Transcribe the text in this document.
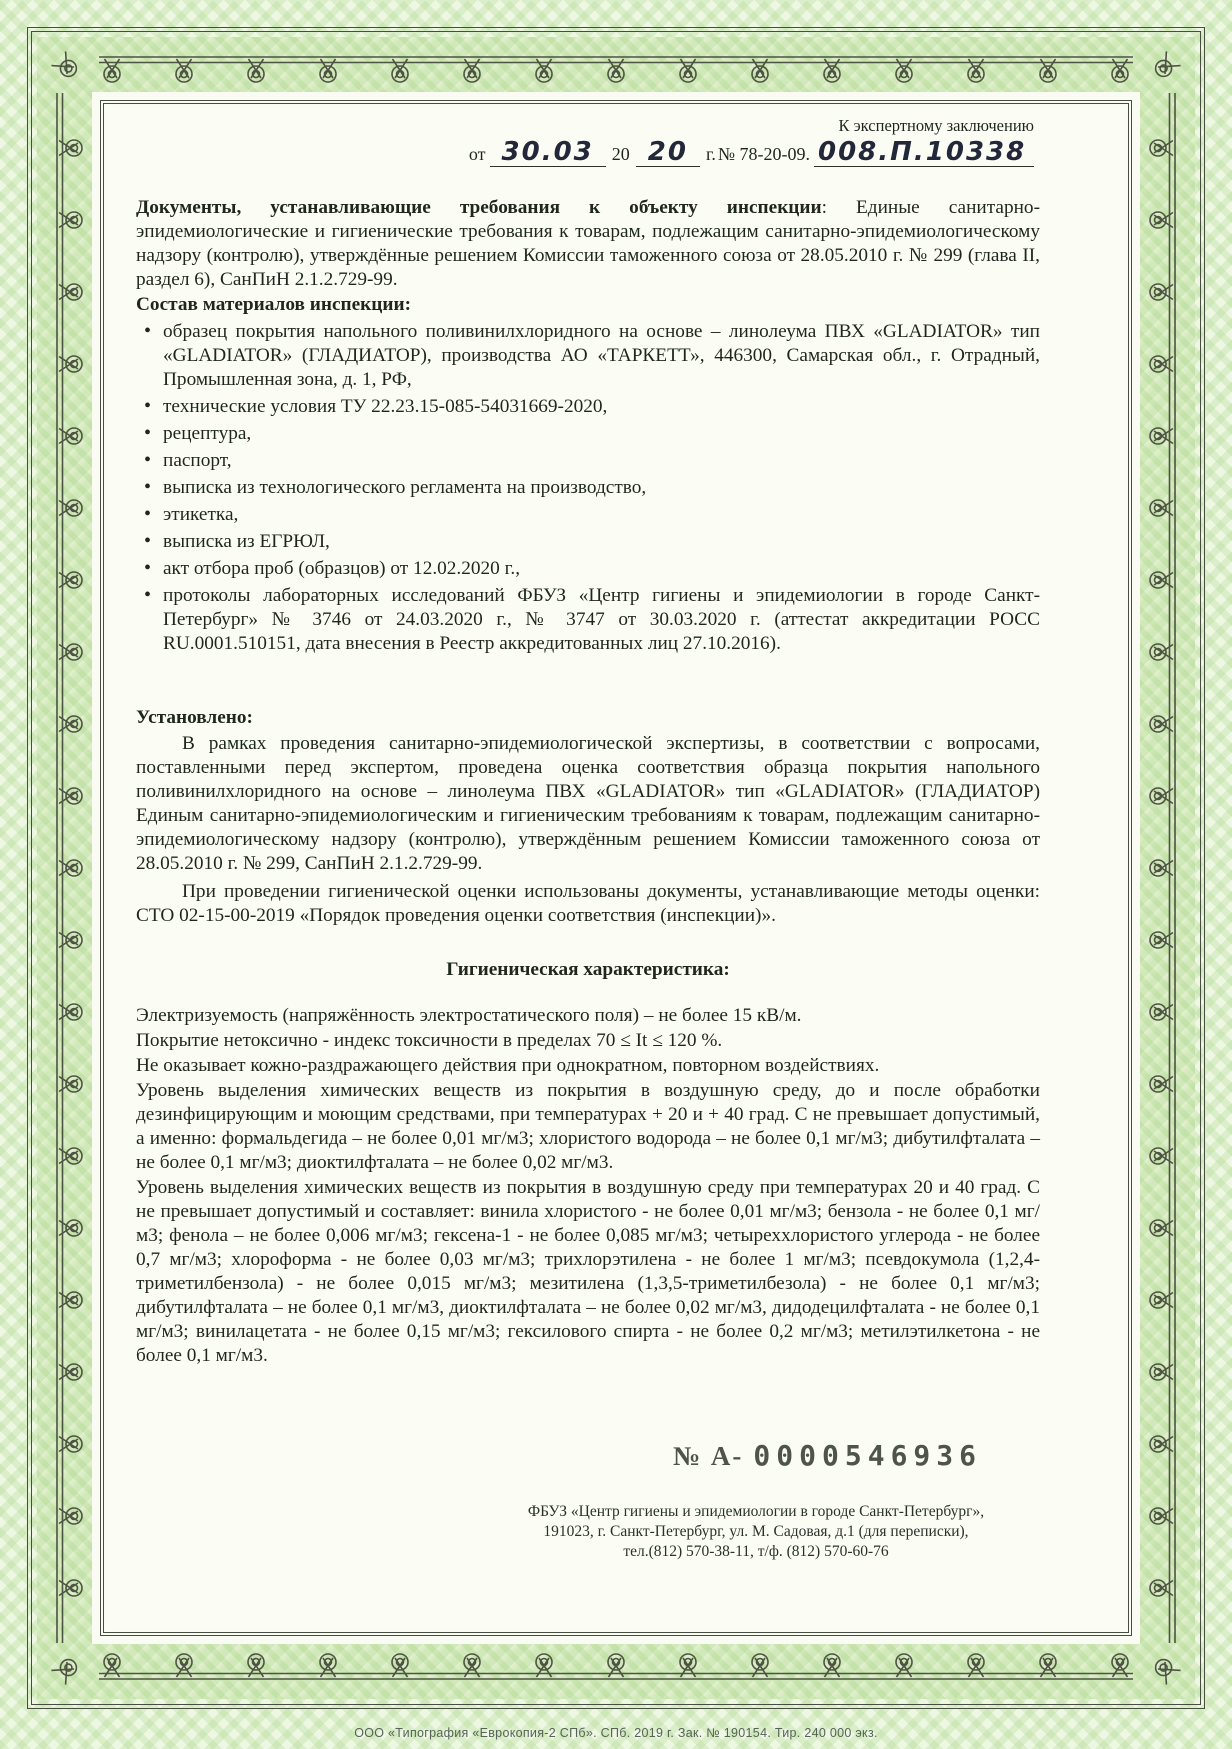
К экспертному заключению
от 30.03	20 20	г. № 78-20-09. 008.П.10338

Документы, устанавливающие требования к объекту инспекции: Единые санитарно-эпидемиологические и гигиенические требования к товарам, подлежащим санитарно-эпидемиологическому надзору (контролю), утверждённые решением Комиссии таможенного союза от 28.05.2010 г. № 299 (глава II, раздел 6), СанПиН 2.1.2.729-99.

Состав материалов инспекции:
• образец покрытия напольного поливинилхлоридного на основе – линолеума ПВХ «GLADIATOR» тип «GLADIATOR» (ГЛАДИАТОР), производства АО «ТАРКЕТТ», 446300, Самарская обл., г. Отрадный, Промышленная зона, д. 1, РФ,
• технические условия ТУ 22.23.15-085-54031669-2020,
• рецептура,
• паспорт,
• выписка из технологического регламента на производство,
• этикетка,
• выписка из ЕГРЮЛ,
• акт отбора проб (образцов) от 12.02.2020 г.,
• протоколы лабораторных исследований ФБУЗ «Центр гигиены и эпидемиологии в городе Санкт-Петербург» № 3746 от 24.03.2020 г., № 3747 от 30.03.2020 г. (аттестат аккредитации РОСС RU.0001.510151, дата внесения в Реестр аккредитованных лиц 27.10.2016).
Установлено:

В рамках проведения санитарно-эпидемиологической экспертизы, в соответствии с вопросами, поставленными перед экспертом, проведена оценка соответствия образца покрытия напольного поливинилхлоридного на основе – линолеума ПВХ «GLADIATOR» тип «GLADIATOR» (ГЛАДИАТОР) Единым санитарно-эпидемиологическим и гигиеническим требованиям к товарам, подлежащим санитарно-эпидемиологическому надзору (контролю), утверждённым решением Комиссии таможенного союза от 28.05.2010 г. № 299, СанПиН 2.1.2.729-99.

При проведении гигиенической оценки использованы документы, устанавливающие методы оценки: СТО 02-15-00-2019 «Порядок проведения оценки соответствия (инспекции)».

Гигиеническая характеристика:

Электризуемость (напряжённость электростатического поля) – не более 15 кВ/м.

Покрытие нетоксично - индекс токсичности в пределах 70 ≤ It ≤ 120 %.

Не оказывает кожно-раздражающего действия при однократном, повторном воздействиях.

Уровень выделения химических веществ из покрытия в воздушную среду, до и после обработки дезинфицирующим и моющим средствами, при температурах + 20 и + 40 град. С не превышает допустимый, а именно: формальдегида – не более 0,01 мг/м3; хлористого водорода – не более 0,1 мг/м3; дибутилфталата – не более 0,1 мг/м3; диоктилфталата – не более 0,02 мг/м3.

Уровень выделения химических веществ из покрытия в воздушную среду при температурах 20 и 40 град. С не превышает допустимый и составляет: винила хлористого - не более 0,01 мг/м3; бензола - не более 0,1 мг/м3; фенола – не более 0,006 мг/м3; гексена-1 - не более 0,085 мг/м3; четыреххлористого углерода - не более 0,7 мг/м3; хлороформа - не более 0,03 мг/м3; трихлорэтилена - не более 1 мг/м3; псевдокумола (1,2,4-триметилбензола) - не более 0,015 мг/м3; мезитилена (1,3,5-триметилбезола) - не более 0,1 мг/м3; дибутилфталата – не более 0,1 мг/м3, диоктилфталата – не более 0,02 мг/м3, дидодецилфталата - не более 0,1 мг/м3; винилацетата - не более 0,15 мг/м3; гексилового спирта - не более 0,2 мг/м3; метилэтилкетона - не более 0,1 мг/м3.

№ А- 0000546936
ФБУЗ «Центр гигиены и эпидемиологии в городе Санкт-Петербург»,
191023, г. Санкт-Петербург, ул. М. Садовая, д.1 (для переписки),
тел.(812) 570-38-11, т/ф. (812) 570-60-76
ООО «Типография «Еврокопия-2 СПб». СПб. 2019 г. Зак. № 190154. Тир. 240 000 экз.
